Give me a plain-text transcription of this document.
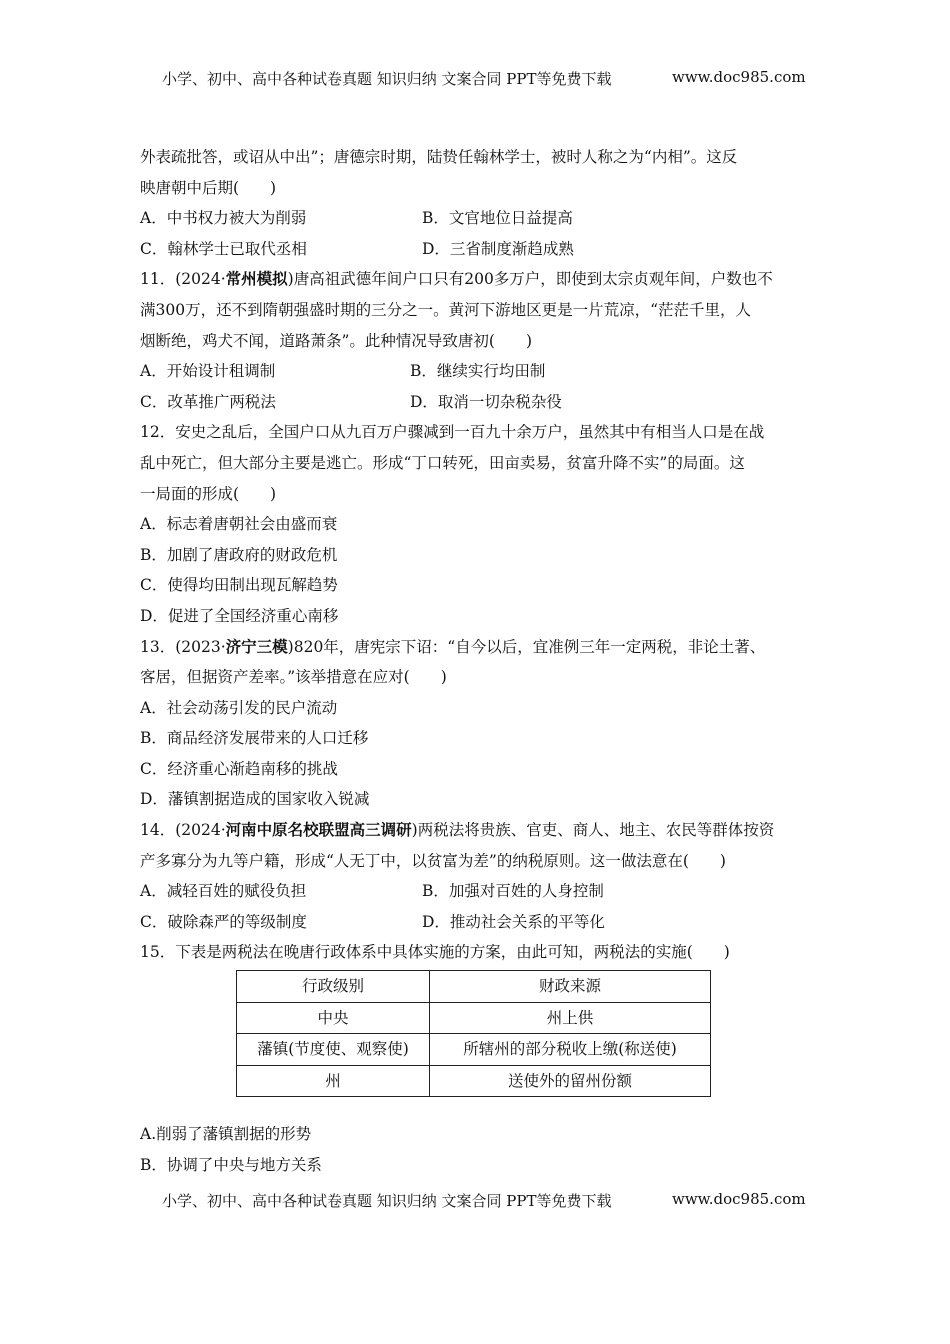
小学、初中、高中各种试卷真题 知识归纳 文案合同 PPT等免费下载	www.doc985.com
外表疏批答，或诏从中出”；唐德宗时期，陆贽任翰林学士，被时人称之为“内相”。这反
映唐朝中后期(　　)
A．中书权力被大为削弱	B．文官地位日益提高
C．翰林学士已取代丞相	D．三省制度渐趋成熟
11．(2024·常州模拟)唐高祖武德年间户口只有200多万户，即使到太宗贞观年间，户数也不
满300万，还不到隋朝强盛时期的三分之一。黄河下游地区更是一片荒凉，“茫茫千里，人
烟断绝，鸡犬不闻，道路萧条”。此种情况导致唐初(　　)
A．开始设计租调制	B．继续实行均田制
C．改革推广两税法	D．取消一切杂税杂役
12．安史之乱后，全国户口从九百万户骤减到一百九十余万户，虽然其中有相当人口是在战
乱中死亡，但大部分主要是逃亡。形成“丁口转死，田亩卖易，贫富升降不实”的局面。这
一局面的形成(　　)
A．标志着唐朝社会由盛而衰
B．加剧了唐政府的财政危机
C．使得均田制出现瓦解趋势
D．促进了全国经济重心南移
13．(2023·济宁三模)820年，唐宪宗下诏：“自今以后，宜准例三年一定两税，非论土著、
客居，但据资产差率。”该举措意在应对(　　)
A．社会动荡引发的民户流动
B．商品经济发展带来的人口迁移
C．经济重心渐趋南移的挑战
D．藩镇割据造成的国家收入锐减
14．(2024·河南中原名校联盟高三调研)两税法将贵族、官吏、商人、地主、农民等群体按资
产多寡分为九等户籍，形成“人无丁中，以贫富为差”的纳税原则。这一做法意在(　　)
A．减轻百姓的赋役负担	B．加强对百姓的人身控制
C．破除森严的等级制度	D．推动社会关系的平等化
15．下表是两税法在晚唐行政体系中具体实施的方案，由此可知，两税法的实施(　　)
行政级别	财政来源
中央	州上供
藩镇(节度使、观察使)	所辖州的部分税收上缴(称送使)
州	送使外的留州份额
A.削弱了藩镇割据的形势
B．协调了中央与地方关系
小学、初中、高中各种试卷真题 知识归纳 文案合同 PPT等免费下载	www.doc985.com
